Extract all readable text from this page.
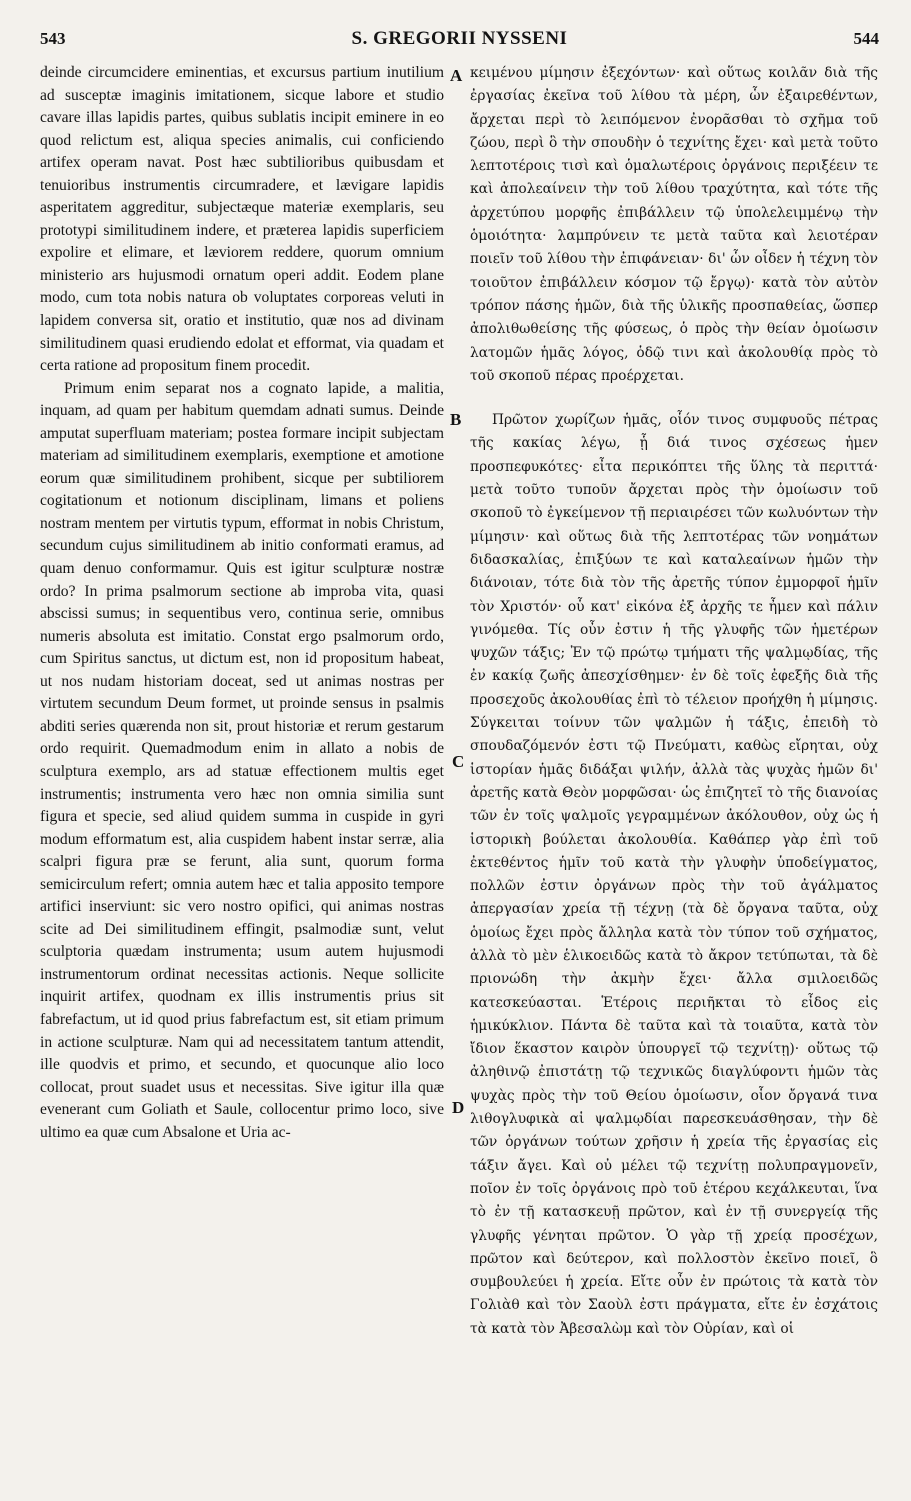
543	S. GREGORII NYSSENI	544

deinde circumcidere eminentias, et excursus partium inutilium ad susceptæ imaginis imitationem, sicque labore et studio cavare illas lapidis partes, quibus sublatis incipit eminere in eo quod relictum est, aliqua species animalis, cui conficiendo artifex operam navat. Post hæc subtilioribus quibusdam et tenuioribus instrumentis circumradere, et lævigare lapidis asperitatem aggreditur, subjectæque materiæ exemplaris, seu prototypi similitudinem indere, et præterea lapidis superficiem expolire et elimare, et læviorem reddere, quorum omnium ministerio ars hujusmodi ornatum operi addit. Eodem plane modo, cum tota nobis natura ob voluptates corporeas veluti in lapidem conversa sit, oratio et institutio, quæ nos ad divinam similitudinem quasi erudiendo edolat et efformat, via quadam et certa ratione ad propositum finem procedit.

Primum enim separat nos a cognato lapide, a malitia, inquam, ad quam per habitum quemdam adnati sumus. Deinde amputat superfluam materiam; postea formare incipit subjectam materiam ad similitudinem exemplaris, exemptione et amotione eorum quæ similitudinem prohibent, sicque per subtiliorem cogitationum et notionum disciplinam, limans et poliens nostram mentem per virtutis typum, efformat in nobis Christum, secundum cujus similitudinem ab initio conformati eramus, ad quam denuo conformamur. Quis est igitur sculpturæ nostræ ordo? In prima psalmorum sectione ab improba vita, quasi abscissi sumus; in sequentibus vero, continua serie, omnibus numeris absoluta est imitatio. Constat ergo psalmorum ordo, cum Spiritus sanctus, ut dictum est, non id propositum habeat, ut nos nudam historiam doceat, sed ut animas nostras per virtutem secundum Deum formet, ut proinde sensus in psalmis abditi series quærenda non sit, prout historiæ et rerum gestarum ordo requirit. Quemadmodum enim in allato a nobis de sculptura exemplo, ars ad statuæ effectionem multis eget instrumentis; instrumenta vero hæc non omnia similia sunt figura et specie, sed aliud quidem summa in cuspide in gyri modum efformatum est, alia cuspidem habent instar serræ, alia scalpri figura præ se ferunt, alia sunt, quorum forma semicirculum refert; omnia autem hæc et talia apposito tempore artifici inserviunt: sic vero nostro opifici, qui animas nostras scite ad Dei similitudinem effingit, psalmodiæ sunt, velut sculptoria quædam instrumenta; usum autem hujusmodi instrumentorum ordinat necessitas actionis. Neque sollicite inquirit artifex, quodnam ex illis instrumentis prius sit fabrefactum, ut id quod prius fabrefactum est, sit etiam primum in actione sculpturæ. Nam qui ad necessitatem tantum attendit, ille quodvis et primo, et secundo, et quocunque alio loco collocat, prout suadet usus et necessitas. Sive igitur illa quæ evenerant cum Goliath et Saule, collocentur primo loco, sive ultimo ea quæ cum Absalone et Uria ac-

A
B
C
D

κειμένου μίμησιν ἐξεχόντων· καὶ οὕτως κοιλᾶν διὰ τῆς ἐργασίας ἐκεῖνα τοῦ λίθου τὰ μέρη, ὧν ἐξαιρεθέντων, ἄρχεται περὶ τὸ λειπόμενον ἐνορᾶσθαι τὸ σχῆμα τοῦ ζώου, περὶ ὃ τὴν σπουδὴν ὁ τεχνίτης ἔχει· καὶ μετὰ τοῦτο λεπτοτέροις τισὶ καὶ ὁμαλωτέροις ὀργάνοις περιξέειν τε καὶ ἀπολεαίνειν τὴν τοῦ λίθου τραχύτητα, καὶ τότε τῆς ἀρχετύπου μορφῆς ἐπιβάλλειν τῷ ὑπολελειμμένῳ τὴν ὁμοιότητα· λαμπρύνειν τε μετὰ ταῦτα καὶ λειοτέραν ποιεῖν τοῦ λίθου τὴν ἐπιφάνειαν· δι' ὧν οἶδεν ἡ τέχνη τὸν τοιοῦτον ἐπιβάλλειν κόσμον τῷ ἔργῳ)· κατὰ τὸν αὐτὸν τρόπον πάσης ἡμῶν, διὰ τῆς ὑλικῆς προσπαθείας, ὥσπερ ἀπολιθωθείσης τῆς φύσεως, ὁ πρὸς τὴν θείαν ὁμοίωσιν λατομῶν ἡμᾶς λόγος, ὁδῷ τινι καὶ ἀκολουθίᾳ πρὸς τὸ τοῦ σκοποῦ πέρας προέρχεται.

Πρῶτον χωρίζων ἡμᾶς, οἷόν τινος συμφυοῦς πέτρας τῆς κακίας λέγω, ᾗ διά τινος σχέσεως ἡμεν προσπεφυκότες· εἶτα περικόπτει τῆς ὕλης τὰ περιττά· μετὰ τοῦτο τυποῦν ἄρχεται πρὸς τὴν ὁμοίωσιν τοῦ σκοποῦ τὸ ἐγκείμενον τῇ περιαιρέσει τῶν κωλυόντων τὴν μίμησιν· καὶ οὕτως διὰ τῆς λεπτοτέρας τῶν νοημάτων διδασκαλίας, ἐπιξύων τε καὶ καταλεαίνων ἡμῶν τὴν διάνοιαν, τότε διὰ τὸν τῆς ἀρετῆς τύπον ἐμμορφοῖ ἡμῖν τὸν Χριστόν· οὗ κατ' εἰκόνα ἐξ ἀρχῆς τε ἦμεν καὶ πάλιν γινόμεθα. Τίς οὖν ἐστιν ἡ τῆς γλυφῆς τῶν ἡμετέρων ψυχῶν τάξις; Ἐν τῷ πρώτῳ τμήματι τῆς ψαλμῳδίας, τῆς ἐν κακίᾳ ζωῆς ἀπεσχίσθημεν· ἐν δὲ τοῖς ἐφεξῆς διὰ τῆς προσεχοῦς ἀκολουθίας ἐπὶ τὸ τέλειον προήχθη ἡ μίμησις. Σύγκειται τοίνυν τῶν ψαλμῶν ἡ τάξις, ἐπειδὴ τὸ σπουδαζόμενόν ἐστι τῷ Πνεύματι, καθὼς εἴρηται, οὐχ ἱστορίαν ἡμᾶς διδάξαι ψιλήν, ἀλλὰ τὰς ψυχὰς ἡμῶν δι' ἀρετῆς κατὰ Θεὸν μορφῶσαι· ὡς ἐπιζητεῖ τὸ τῆς διανοίας τῶν ἐν τοῖς ψαλμοῖς γεγραμμένων ἀκόλουθον, οὐχ ὡς ἡ ἱστορικὴ βούλεται ἀκολουθία. Καθάπερ γὰρ ἐπὶ τοῦ ἐκτεθέντος ἡμῖν τοῦ κατὰ τὴν γλυφὴν ὑποδείγματος, πολλῶν ἐστιν ὀργάνων πρὸς τὴν τοῦ ἀγάλματος ἀπεργασίαν χρεία τῇ τέχνῃ (τὰ δὲ ὄργανα ταῦτα, οὐχ ὁμοίως ἔχει πρὸς ἄλληλα κατὰ τὸν τύπον τοῦ σχήματος, ἀλλὰ τὸ μὲν ἑλικοειδῶς κατὰ τὸ ἄκρον τετύπωται, τὰ δὲ πριονώδη τὴν ἀκμὴν ἔχει· ἄλλα σμιλοειδῶς κατεσκεύασται. Ἑτέροις περιῆκται τὸ εἶδος εἰς ἡμικύκλιον. Πάντα δὲ ταῦτα καὶ τὰ τοιαῦτα, κατὰ τὸν ἴδιον ἕκαστον καιρὸν ὑπουργεῖ τῷ τεχνίτῃ)· οὕτως τῷ ἀληθινῷ ἐπιστάτῃ τῷ τεχνικῶς διαγλύφοντι ἡμῶν τὰς ψυχὰς πρὸς τὴν τοῦ Θείου ὁμοίωσιν, οἷον ὄργανά τινα λιθογλυφικὰ αἱ ψαλμῳδίαι παρεσκευάσθησαν, τὴν δὲ τῶν ὀργάνων τούτων χρῆσιν ἡ χρεία τῆς ἐργασίας εἰς τάξιν ἄγει. Καὶ οὐ μέλει τῷ τεχνίτῃ πολυπραγμονεῖν, ποῖον ἐν τοῖς ὀργάνοις πρὸ τοῦ ἑτέρου κεχάλκευται, ἵνα τὸ ἐν τῇ κατασκευῇ πρῶτον, καὶ ἐν τῇ συνεργείᾳ τῆς γλυφῆς γένηται πρῶτον. Ὁ γὰρ τῇ χρείᾳ προσέχων, πρῶτον καὶ δεύτερον, καὶ πολλοστὸν ἐκεῖνο ποιεῖ, ὃ συμβουλεύει ἡ χρεία. Εἴτε οὖν ἐν πρώτοις τὰ κατὰ τὸν Γολιὰθ καὶ τὸν Σαοὺλ ἐστι πράγματα, εἴτε ἐν ἐσχάτοις τὰ κατὰ τὸν Ἀβεσαλὼμ καὶ τὸν Οὐρίαν, καὶ οἱ
